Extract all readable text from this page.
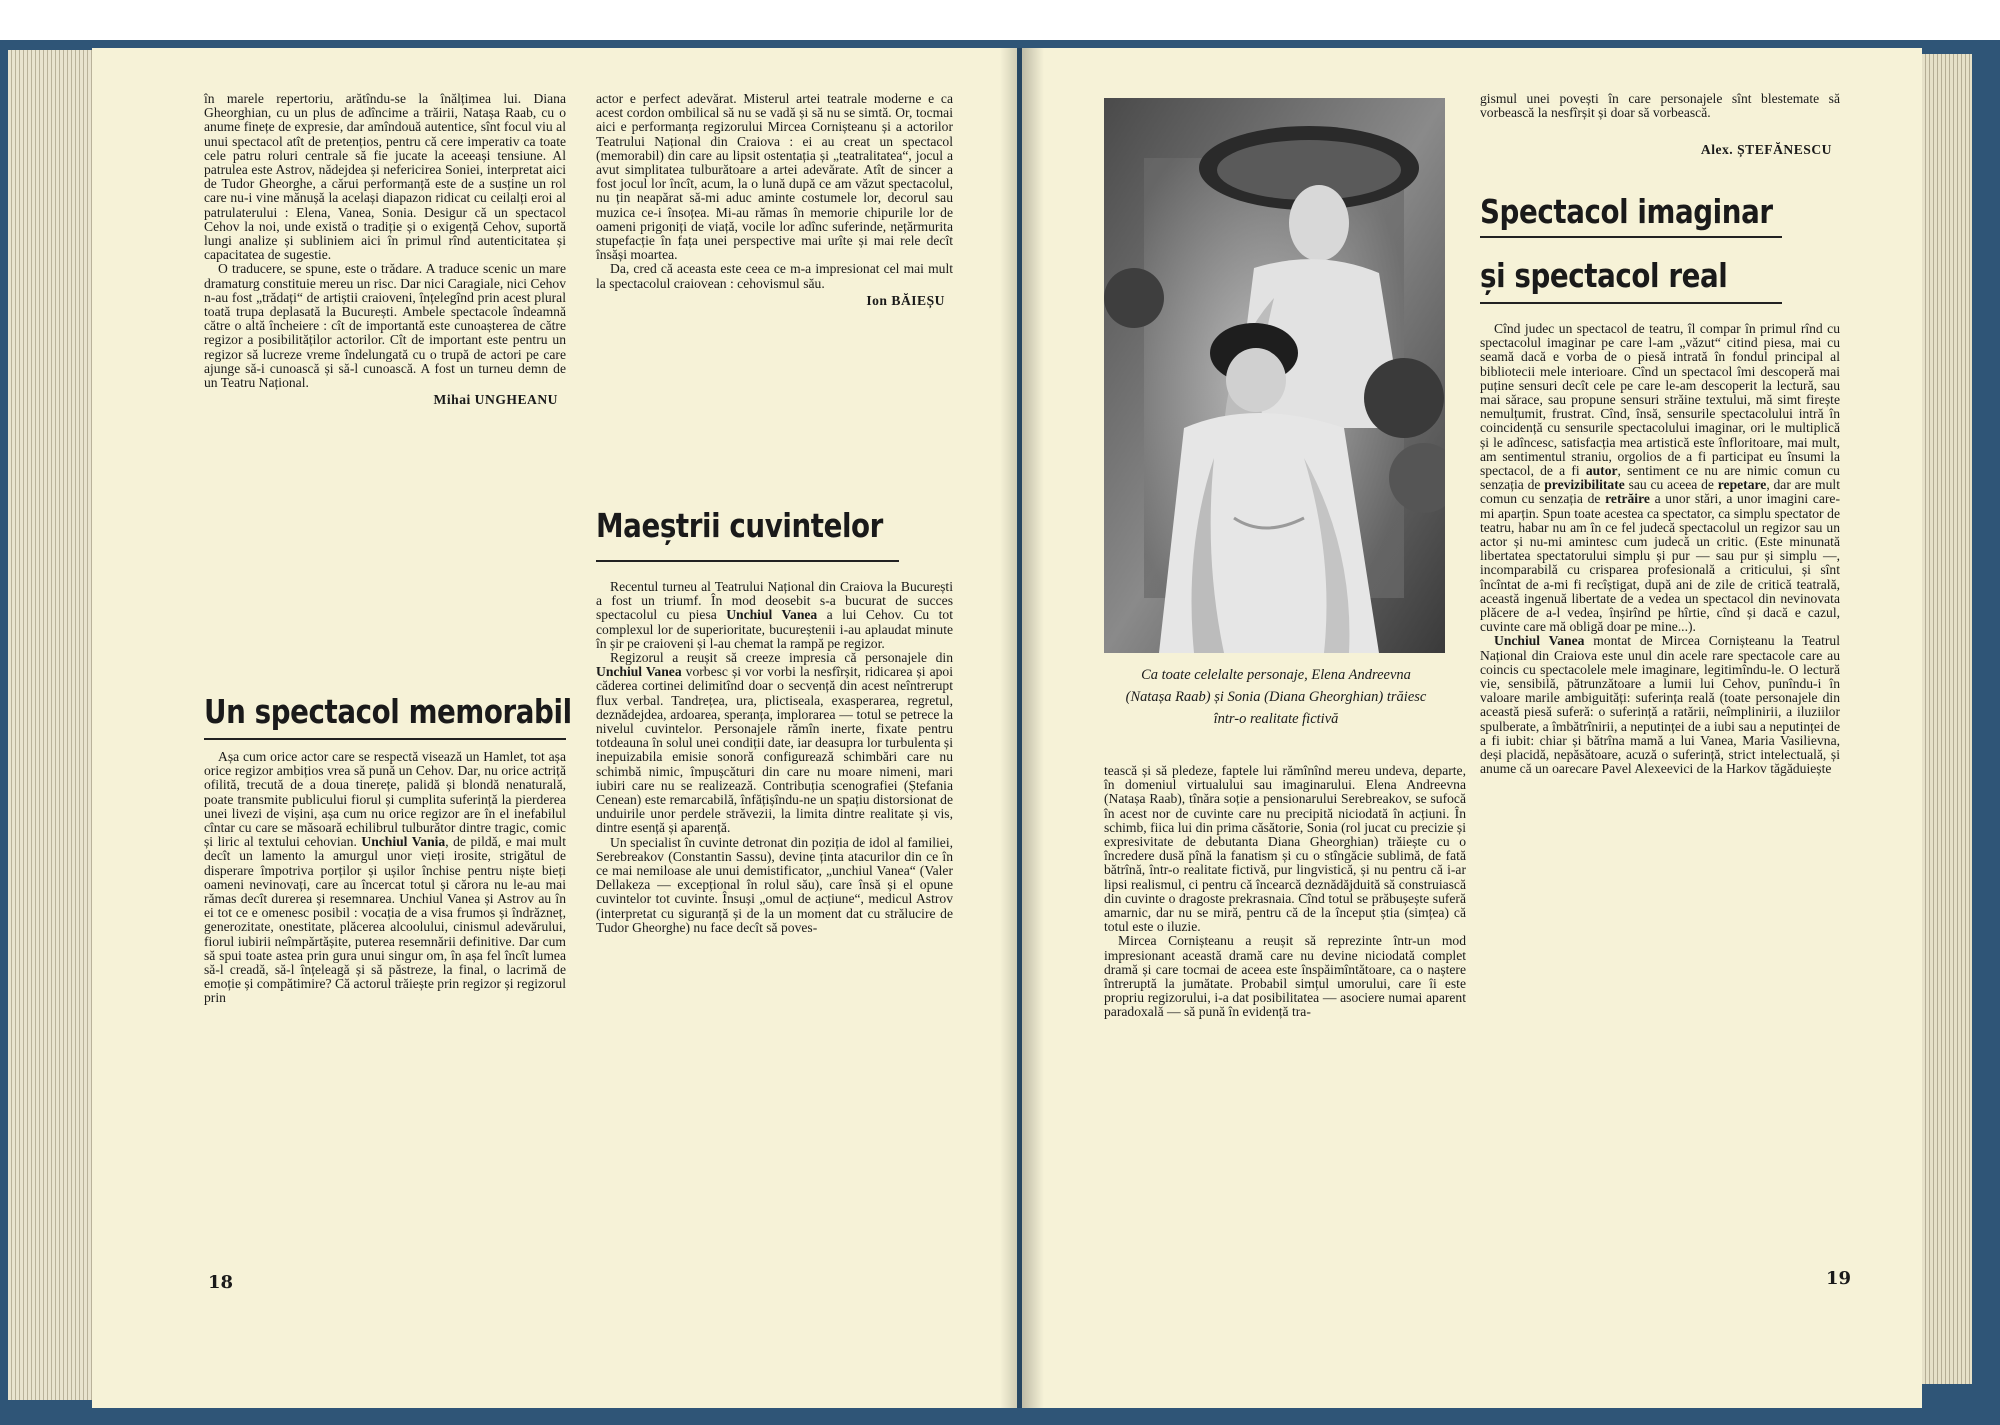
în marele repertoriu, arătîndu-se la înălțimea lui. Diana Gheorghian, cu un plus de adîncime a trăirii, Natașa Raab, cu o anume finețe de expresie, dar amîndouă autentice, sînt focul viu al unui spectacol atît de pretențios, pentru că cere imperativ ca toate cele patru roluri centrale să fie jucate la aceeași tensiune. Al patrulea este Astrov, nădejdea și nefericirea Soniei, interpretat aici de Tudor Gheorghe, a cărui performanță este de a susține un rol care nu-i vine mănușă la același diapazon ridicat cu ceilalți eroi al patrulaterului : Elena, Vanea, Sonia. Desigur că un spectacol Cehov la noi, unde există o tradiție și o exigență Cehov, suportă lungi analize și subliniem aici în primul rînd autenticitatea și capacitatea de sugestie.

O traducere, se spune, este o trădare. A traduce scenic un mare dramaturg constituie mereu un risc. Dar nici Caragiale, nici Cehov n-au fost „trădați“ de artiștii craioveni, înțelegînd prin acest plural toată trupa deplasată la București. Ambele spectacole îndeamnă către o altă încheiere : cît de importantă este cunoașterea de către regizor a posibilităților actorilor. Cît de important este pentru un regizor să lucreze vreme îndelungată cu o trupă de actori pe care ajunge să-i cunoască și să-l cunoască. A fost un turneu demn de un Teatru Național.

Mihai UNGHEANU
Un spectacol memorabil

Așa cum orice actor care se respectă visează un Hamlet, tot așa orice regizor ambițios vrea să pună un Cehov. Dar, nu orice actriță ofilită, trecută de a doua tinerețe, palidă și blondă nenaturală, poate transmite publicului fiorul și cumplita suferință la pierderea unei livezi de vișini, așa cum nu orice regizor are în el inefabilul cîntar cu care se măsoară echilibrul tulburător dintre tragic, comic și liric al textului cehovian. Unchiul Vania, de pildă, e mai mult decît un lamento la amurgul unor vieți irosite, strigătul de disperare împotriva porților și ușilor închise pentru niște bieți oameni nevinovați, care au încercat totul și cărora nu le-au mai rămas decît durerea și resemnarea. Unchiul Vanea și Astrov au în ei tot ce e omenesc posibil : vocația de a visa frumos și îndrăzneț, generozitate, onestitate, plăcerea alcoolului, cinismul adevărului, fiorul iubirii neîmpărtășite, puterea resemnării definitive. Dar cum să spui toate astea prin gura unui singur om, în așa fel încît lumea să-l creadă, să-l înțeleagă și să păstreze, la final, o lacrimă de emoție și compătimire? Că actorul trăiește prin regizor și regizorul prin

actor e perfect adevărat. Misterul artei teatrale moderne e ca acest cordon ombilical să nu se vadă și să nu se simtă. Or, tocmai aici e performanța regizorului Mircea Cornișteanu și a actorilor Teatrului Național din Craiova : ei au creat un spectacol (memorabil) din care au lipsit ostentația și „teatralitatea“, jocul a avut simplitatea tulburătoare a artei adevărate. Atît de sincer a fost jocul lor încît, acum, la o lună după ce am văzut spectacolul, nu țin neapărat să-mi aduc aminte costumele lor, decorul sau muzica ce-i însoțea. Mi-au rămas în memorie chipurile lor de oameni prigoniți de viață, vocile lor adînc suferinde, nețărmurita stupefacție în fața unei perspective mai urîte și mai rele decît însăși moartea.

Da, cred că aceasta este ceea ce m-a impresionat cel mai mult la spectacolul craiovean : cehovismul său.

Ion BĂIEȘU
Maeștrii cuvintelor

Recentul turneu al Teatrului Național din Craiova la București a fost un triumf. În mod deosebit s-a bucurat de succes spectacolul cu piesa Unchiul Vanea a lui Cehov. Cu tot complexul lor de superioritate, bucureștenii i-au aplaudat minute în șir pe craioveni și l-au chemat la rampă pe regizor.

Regizorul a reușit să creeze impresia că personajele din Unchiul Vanea vorbesc și vor vorbi la nesfîrșit, ridicarea și apoi căderea cortinei delimitînd doar o secvență din acest neîntrerupt flux verbal. Tandrețea, ura, plictiseala, exasperarea, regretul, deznădejdea, ardoarea, speranța, implorarea — totul se petrece la nivelul cuvintelor. Personajele rămîn inerte, fixate pentru totdeauna în solul unei condiții date, iar deasupra lor turbulenta și inepuizabila emisie sonoră configurează schimbări care nu schimbă nimic, împușcături din care nu moare nimeni, mari iubiri care nu se realizează. Contribuția scenografiei (Ștefania Cenean) este remarcabilă, înfățișîndu-ne un spațiu distorsionat de unduirile unor perdele străvezii, la limita dintre realitate și vis, dintre esență și aparență.

Un specialist în cuvinte detronat din poziția de idol al familiei, Serebreakov (Constantin Sassu), devine ținta atacurilor din ce în ce mai nemiloase ale unui demistificator, „unchiul Vanea“ (Valer Dellakeza — excepțional în rolul său), care însă și el opune cuvintelor tot cuvinte. Însuși „omul de acțiune“, medicul Astrov (interpretat cu siguranță și de la un moment dat cu strălucire de Tudor Gheorghe) nu face decît să poves-

18
Ca toate celelalte personaje, Elena Andreevna (Natașa Raab) și Sonia (Diana Gheorghian) trăiesc într-o realitate fictivă

tească și să pledeze, faptele lui rămînînd mereu undeva, departe, în domeniul virtualului sau imaginarului. Elena Andreevna (Natașa Raab), tînăra soție a pensionarului Serebreakov, se sufocă în acest nor de cuvinte care nu precipită niciodată în acțiuni. În schimb, fiica lui din prima căsătorie, Sonia (rol jucat cu precizie și expresivitate de debutanta Diana Gheorghian) trăiește cu o încredere dusă pînă la fanatism și cu o stîngăcie sublimă, de fată bătrînă, într-o realitate fictivă, pur lingvistică, și nu pentru că i-ar lipsi realismul, ci pentru că încearcă deznădăjduită să construiască din cuvinte o dragoste prekrasnaia. Cînd totul se prăbușește suferă amarnic, dar nu se miră, pentru că de la început știa (simțea) că totul este o iluzie.

Mircea Cornișteanu a reușit să reprezinte într-un mod impresionant această dramă care nu devine niciodată complet dramă și care tocmai de aceea este înspăimîntătoare, ca o naștere întreruptă la jumătate. Probabil simțul umorului, care îi este propriu regizorului, i-a dat posibilitatea — asociere numai aparent paradoxală — să pună în evidență tra-

gismul unei povești în care personajele sînt blestemate să vorbească la nesfîrșit și doar să vorbească.

Alex. ȘTEFĂNESCU
Spectacol imaginar
și spectacol real

Cînd judec un spectacol de teatru, îl compar în primul rînd cu spectacolul imaginar pe care l-am „văzut“ citind piesa, mai cu seamă dacă e vorba de o piesă intrată în fondul principal al bibliotecii mele interioare. Cînd un spectacol îmi descoperă mai puține sensuri decît cele pe care le-am descoperit la lectură, sau mai sărace, sau propune sensuri străine textului, mă simt firește nemulțumit, frustrat. Cînd, însă, sensurile spectacolului intră în coincidență cu sensurile spectacolului imaginar, ori le multiplică și le adîncesc, satisfacția mea artistică este înfloritoare, mai mult, am sentimentul straniu, orgolios de a fi participat eu însumi la spectacol, de a fi autor, sentiment ce nu are nimic comun cu senzația de previzibilitate sau cu aceea de repetare, dar are mult comun cu senzația de retrăire a unor stări, a unor imagini care-mi aparțin. Spun toate acestea ca spectator, ca simplu spectator de teatru, habar nu am în ce fel judecă spectacolul un regizor sau un actor și nu-mi amintesc cum judecă un critic. (Este minunată libertatea spectatorului simplu și pur — sau pur și simplu —, incomparabilă cu crisparea profesională a criticului, și sînt încîntat de a-mi fi recîștigat, după ani de zile de critică teatrală, această ingenuă libertate de a vedea un spectacol din nevinovata plăcere de a-l vedea, înșirînd pe hîrtie, cînd și dacă e cazul, cuvinte care mă obligă doar pe mine...).

Unchiul Vanea montat de Mircea Cornișteanu la Teatrul Național din Craiova este unul din acele rare spectacole care au coincis cu spectacolele mele imaginare, legitimîndu-le. O lectură vie, sensibilă, pătrunzătoare a lumii lui Cehov, punîndu-i în valoare marile ambiguități: suferința reală (toate personajele din această piesă suferă: o suferință a ratării, neîmplinirii, a iluziilor spulberate, a îmbătrînirii, a neputinței de a iubi sau a neputinței de a fi iubit: chiar și bătrîna mamă a lui Vanea, Maria Vasilievna, deși placidă, nepăsătoare, acuză o suferință, strict intelectuală, și anume că un oarecare Pavel Alexeevici de la Harkov tăgăduiește

19
